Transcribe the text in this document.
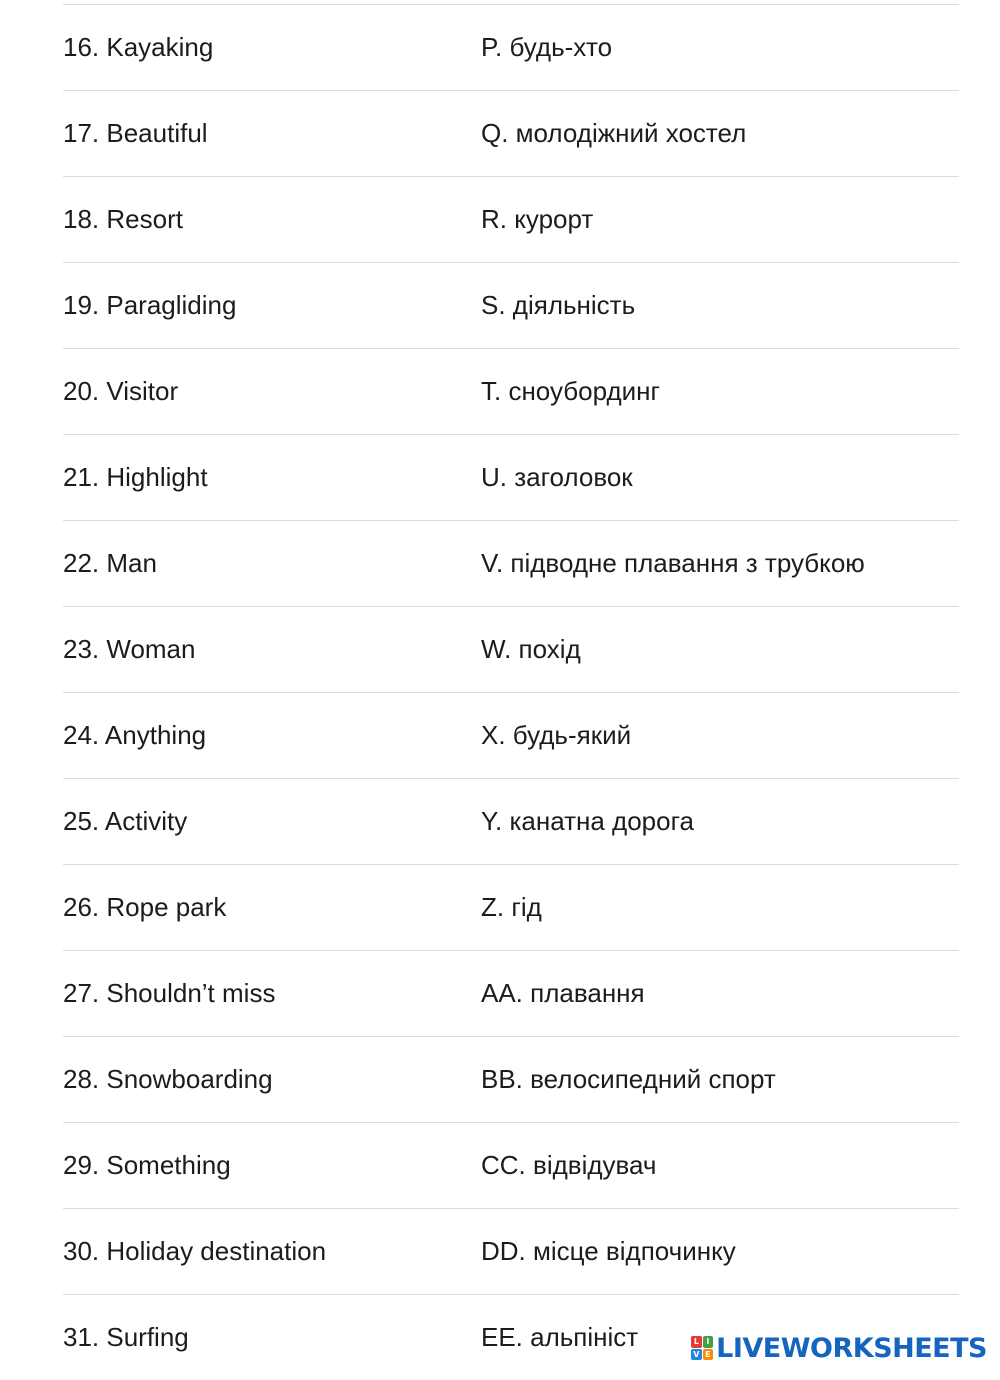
16. Kayaking	P. будь-хто
17. Beautiful	Q. молодіжний хостел
18. Resort	R. курорт
19. Paragliding	S. діяльність
20. Visitor	T. сноубординг
21. Highlight	U. заголовок
22. Man	V. підводне плавання з трубкою
23. Woman	W. похід
24. Anything	X. будь-який
25. Activity	Y. канатна дорога
26. Rope park	Z. гід
27. Shouldn’t miss	AA. плавання
28. Snowboarding	BB. велосипедний спорт
29. Something	CC. відвідувач
30. Holiday destination	DD. місце відпочинку
31. Surfing	EE. альпініст	L I
V E LIVEWORKSHEETS
